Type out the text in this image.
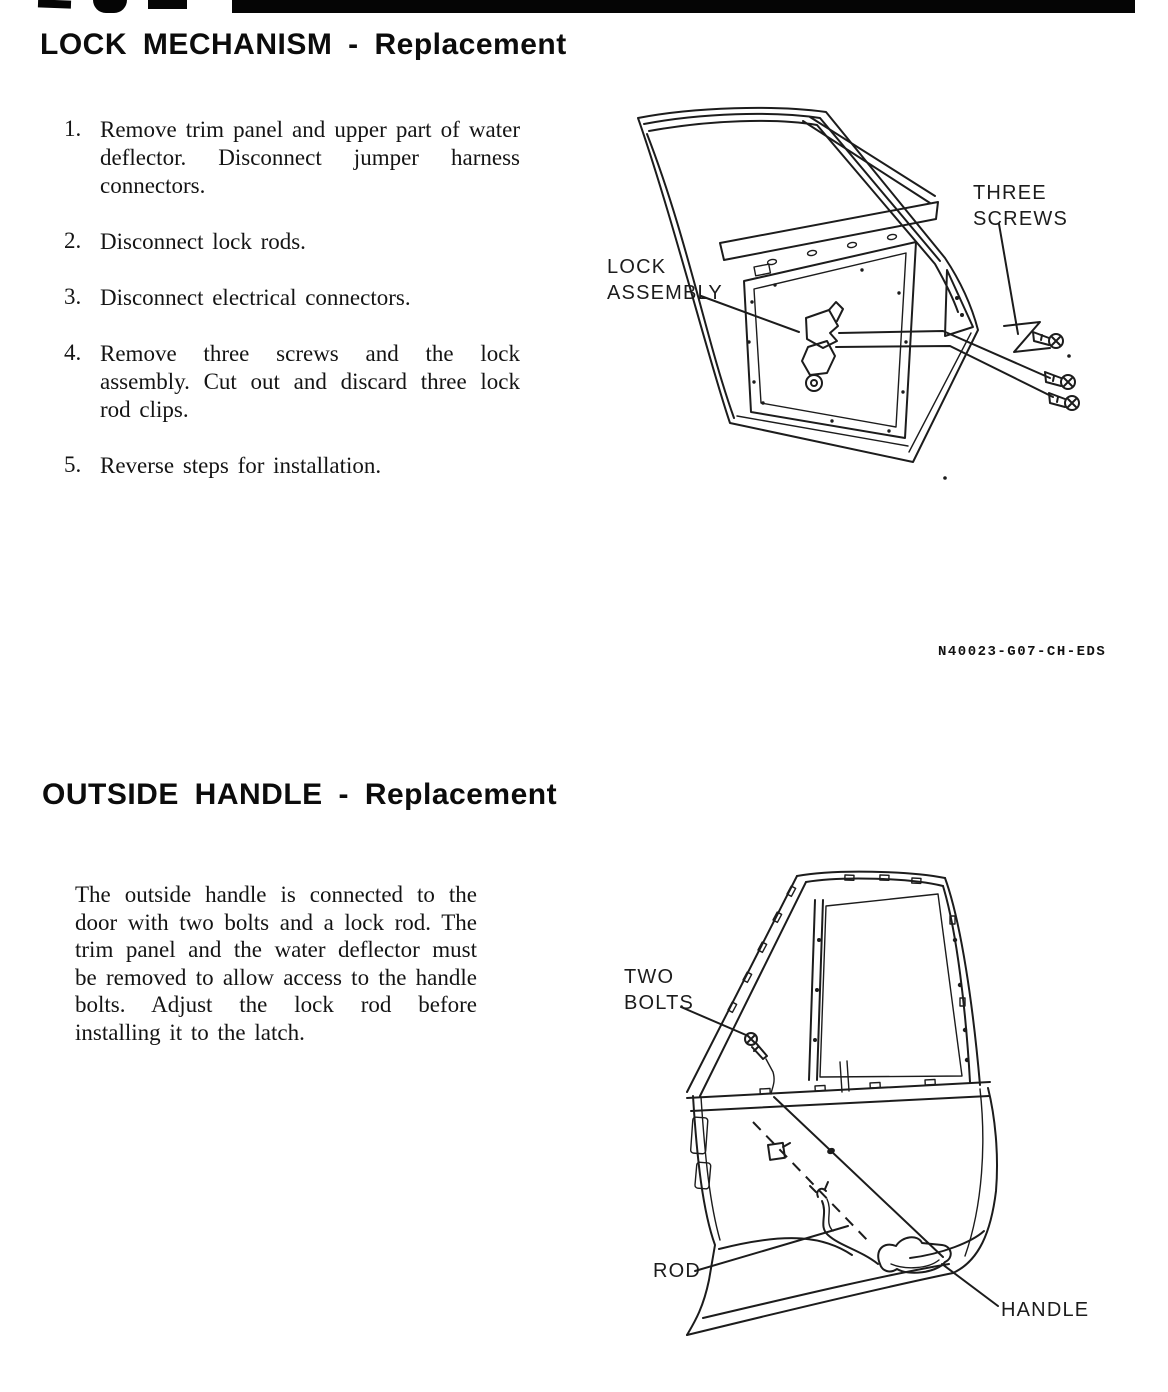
LOCK MECHANISM - Replacement
1. Remove trim panel and upper part of water deflector. Disconnect jumper harness connectors.
2. Disconnect lock rods.
3. Disconnect electrical connectors.
4. Remove three screws and the lock assembly. Cut out and discard three lock rod clips.
5. Reverse steps for installation.
LOCK
ASSEMBLY
THREE
SCREWS
N40023-G07-CH-EDS
OUTSIDE HANDLE - Replacement

The outside handle is connected to the door with two bolts and a lock rod. The trim panel and the water deflector must be removed to allow access to the handle bolts. Adjust the lock rod before installing it to the latch.

TWO
BOLTS
ROD
HANDLE
